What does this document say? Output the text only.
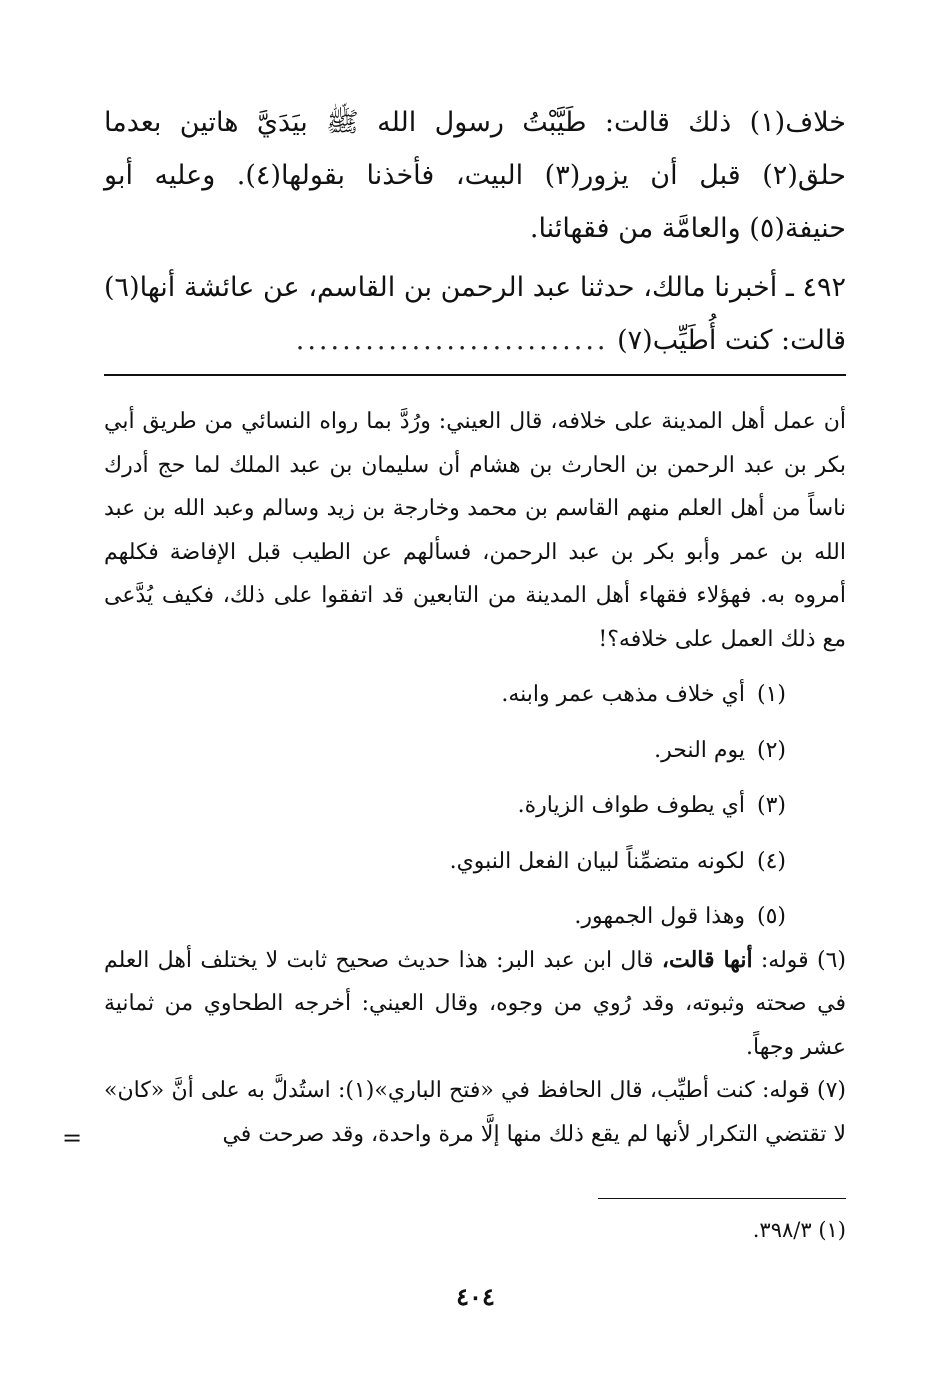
خلاف(١) ذلك قالت: طَيَّبْتُ رسول الله ﷺ بيَدَيَّ هاتين بعدما حلق(٢) قبل أن يزور(٣) البيت، فأخذنا بقولها(٤). وعليه أبو حنيفة(٥) والعامَّة من فقهائنا.

٤٩٢ ـ أخبرنا مالك، حدثنا عبد الرحمن بن القاسم، عن عائشة أنها(٦) قالت: كنت أُطَيِّب(٧) ...........................

أن عمل أهل المدينة على خلافه، قال العيني: ورُدَّ بما رواه النسائي من طريق أبي بكر بن عبد الرحمن بن الحارث بن هشام أن سليمان بن عبد الملك لما حج أدرك ناساً من أهل العلم منهم القاسم بن محمد وخارجة بن زيد وسالم وعبد الله بن عبد الله بن عمر وأبو بكر بن عبد الرحمن، فسألهم عن الطيب قبل الإفاضة فكلهم أمروه به. فهؤلاء فقهاء أهل المدينة من التابعين قد اتفقوا على ذلك، فكيف يُدَّعى مع ذلك العمل على خلافه؟!

(١)أي خلاف مذهب عمر وابنه.
(٢)يوم النحر.
(٣)أي يطوف طواف الزيارة.
(٤)لكونه متضمِّناً لبيان الفعل النبوي.
(٥)وهذا قول الجمهور.

(٦) قوله: أنها قالت، قال ابن عبد البر: هذا حديث صحيح ثابت لا يختلف أهل العلم في صحته وثبوته، وقد رُوي من وجوه، وقال العيني: أخرجه الطحاوي من ثمانية عشر وجهاً.

(٧) قوله: كنت أطيِّب، قال الحافظ في «فتح الباري»(١): استُدلَّ به على أنَّ «كان» لا تقتضي التكرار لأنها لم يقع ذلك منها إلَّا مرة واحدة، وقد صرحت في

=
(١) ٣٩٨/٣.
٤٠٤
